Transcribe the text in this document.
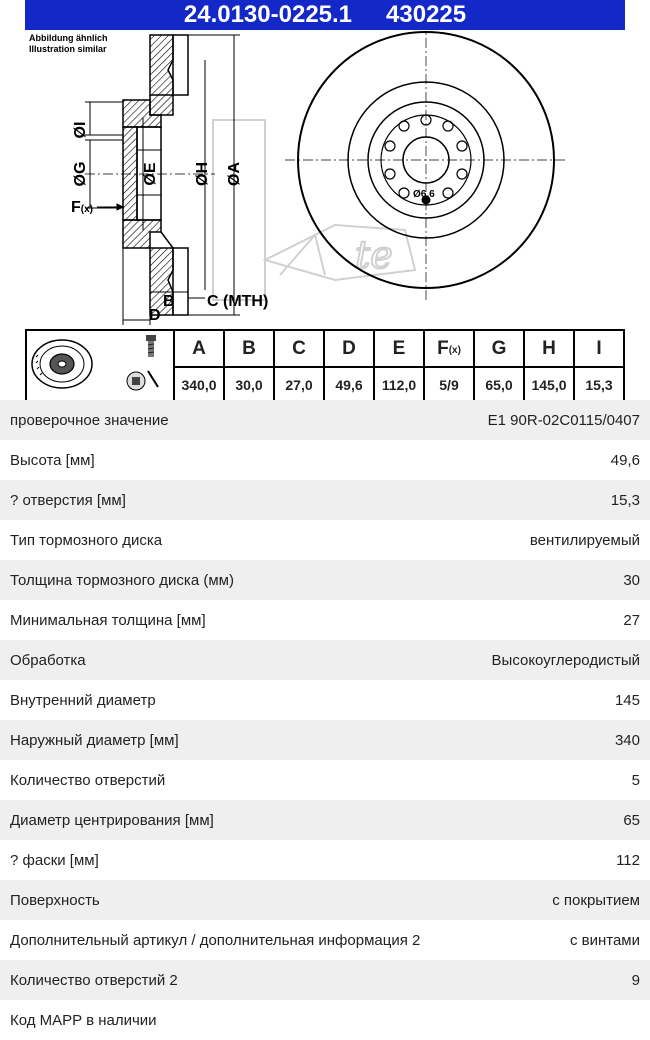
24.0130-0225.1 430225
te
Abbildung ähnlich
Illustration similar
ØI
ØG	ØE ØH ØA
F(x)
B C (MTH)
D
Ø6,6
	A	B	C	D	E	$F_{(x)}$	G	H	I
	340,0	30,0	27,0	49,6	112,0	5/9	65,0	145,0	15,3
проверочное значение	E1 90R-02C0115/0407
Высота [мм]	49,6
? отверстия [мм]	15,3
Тип тормозного диска	вентилируемый
Толщина тормозного диска (мм)	30
Минимальная толщина [мм]	27
Обработка	Высокоуглеродистый
Внутренний диаметр	145
Наружный диаметр [мм]	340
Количество отверстий	5
Диаметр центрирования [мм]	65
? фаски [мм]	112
Поверхность	с покрытием
Дополнительный артикул / дополнительная информация 2	с винтами
Количество отверстий 2	9
Код MAPP в наличии
